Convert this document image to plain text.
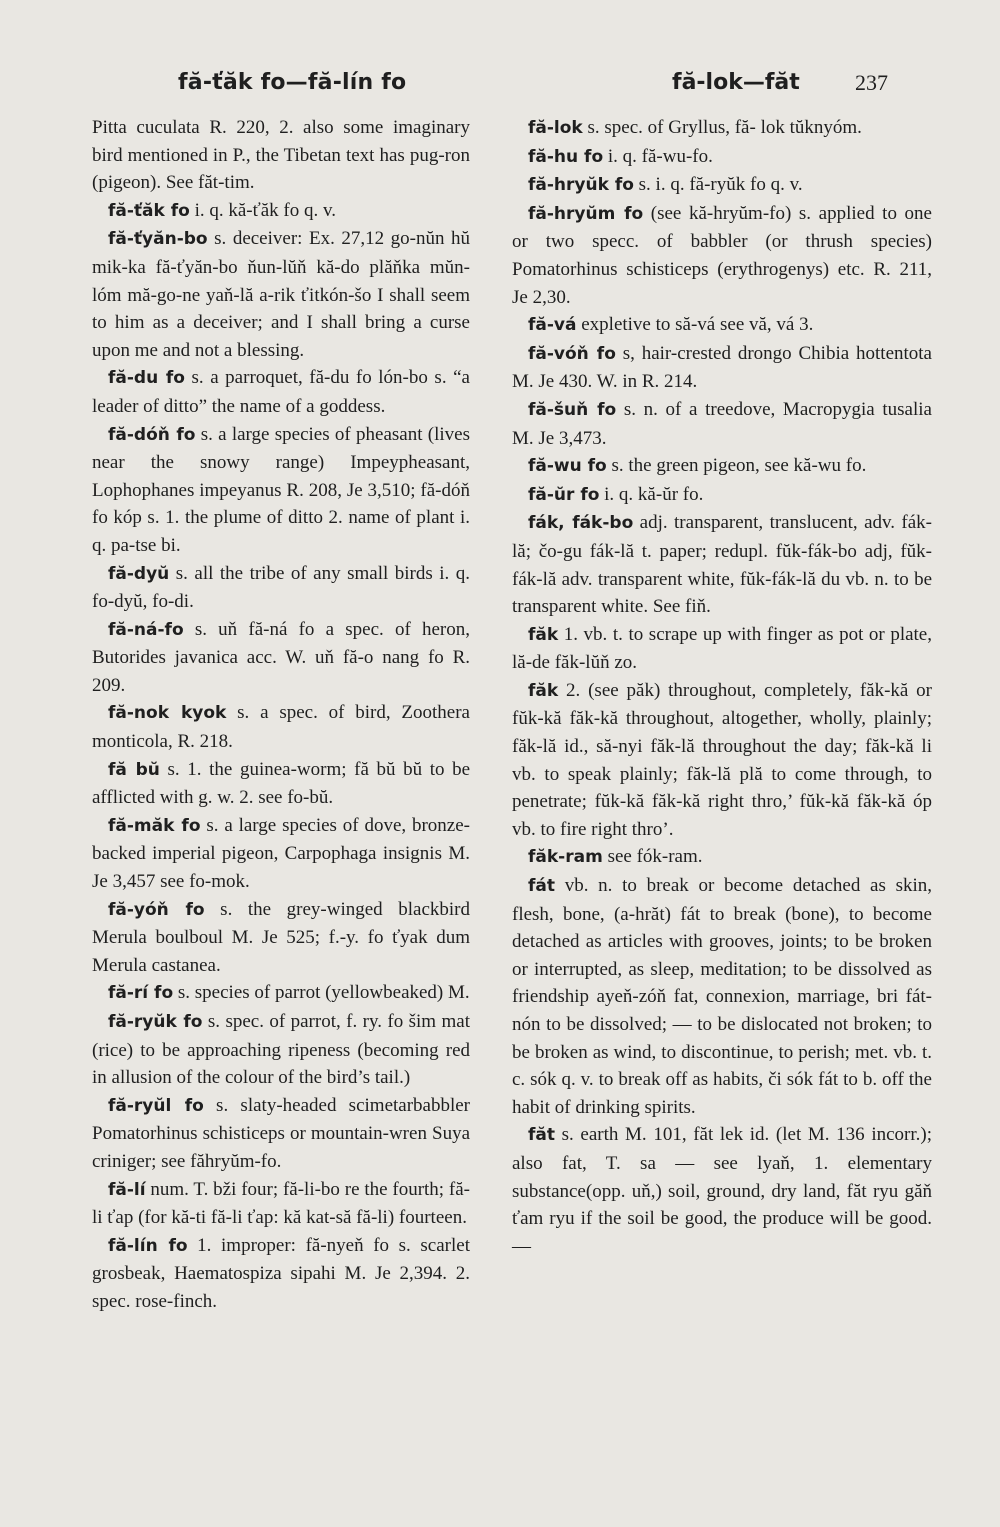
fă-ťăk fo—fă-lín fo	fă-lok—făt	237

Pitta cuculata R. 220, 2. also some imaginary bird mentioned in P., the Tibetan text has pug-ron (pigeon). See făt-tim.

fă-ťăk fo i. q. kă-ťăk fo q. v.

fă-ťyăn-bo s. deceiver: Ex. 27,12 go-nŭn hŭ mik-ka fă-ťyăn-bo ňun-lŭň kă-do plăňka mŭn-lóm mă-go-ne yaň-lă a-rik ťitkón-šo I shall seem to him as a deceiver; and I shall bring a curse upon me and not a blessing.

fă-du fo s. a parroquet, fă-du fo lón-bo s. “a leader of ditto” the name of a goddess.

fă-dóň fo s. a large species of pheasant (lives near the snowy range) Impeypheasant, Lophophanes impeyanus R. 208, Je 3,510; fă-dóň fo kóp s. 1. the plume of ditto 2. name of plant i. q. pa-tse bi.

fă-dyŭ s. all the tribe of any small birds i. q. fo-dyŭ, fo-di.

fă-ná-fo s. uň fă-ná fo a spec. of heron, Butorides javanica acc. W. uň fă-o nang fo R. 209.

fă-nok kyok s. a spec. of bird, Zoothera monticola, R. 218.

fă bŭ s. 1. the guinea-worm; fă bŭ bŭ to be afflicted with g. w. 2. see fo-bŭ.

fă-măk fo s. a large species of dove, bronze-backed imperial pigeon, Carpophaga insignis M. Je 3,457 see fo-mok.

fă-yóň fo s. the grey-winged blackbird Merula boulboul M. Je 525; f.-y. fo ťyak dum Merula castanea.

fă-rí fo s. species of parrot (yellowbeaked) M.

fă-ryŭk fo s. spec. of parrot, f. ry. fo šim mat (rice) to be approaching ripeness (becoming red in allusion of the colour of the bird’s tail.)

fă-ryŭl fo s. slaty-headed scimetarbabbler Pomatorhinus schisticeps or mountain-wren Suya criniger; see făhryŭm-fo.

fă-lí num. T. bži four; fă-li-bo re the fourth; fă-li ťap (for kă-ti fă-li ťap: kă kat-să fă-li) fourteen.

fă-lín fo 1. improper: fă-nyeň fo s. scarlet grosbeak, Haematospiza sipahi M. Je 2,394. 2. spec. rose-finch.

fă-lok s. spec. of Gryllus, fă- lok tŭknyóm.

fă-hu fo i. q. fă-wu-fo.

fă-hryŭk fo s. i. q. fă-ryŭk fo q. v.

fă-hryŭm fo (see kă-hryŭm-fo) s. applied to one or two specc. of babbler (or thrush species) Pomatorhinus schisticeps (erythrogenys) etc. R. 211, Je 2,30.

fă-vá expletive to să-vá see vă, vá 3.

fă-vóň fo s, hair-crested drongo Chibia hottentota M. Je 430. W. in R. 214.

fă-šuň fo s. n. of a treedove, Macropygia tusalia M. Je 3,473.

fă-wu fo s. the green pigeon, see kă-wu fo.

fă-ŭr fo i. q. kă-ŭr fo.

fák, fák-bo adj. transparent, translucent, adv. fák-lă; čo-gu fák-lă t. paper; redupl. fŭk-fák-bo adj, fŭk-fák-lă adv. transparent white, fŭk-fák-lă du vb. n. to be transparent white. See fiň.

făk 1. vb. t. to scrape up with finger as pot or plate, lă-de făk-lŭň zo.

făk 2. (see păk) throughout, completely, făk-kă or fŭk-kă făk-kă throughout, altogether, wholly, plainly; făk-lă id., să-nyi făk-lă throughout the day; făk-kă li vb. to speak plainly; făk-lă plă to come through, to penetrate; fŭk-kă făk-kă right thro,’ fŭk-kă făk-kă óp vb. to fire right thro’.

făk-ram see fók-ram.

fát vb. n. to break or become detached as skin, flesh, bone, (a-hrăt) fát to break (bone), to become detached as articles with grooves, joints; to be broken or interrupted, as sleep, meditation; to be dissolved as friendship ayeň-zóň fat, connexion, marriage, bri fát-nón to be dissolved; — to be dislocated not broken; to be broken as wind, to discontinue, to perish; met. vb. t. c. sók q. v. to break off as habits, či sók fát to b. off the habit of drinking spirits.

făt s. earth M. 101, făt lek id. (let M. 136 incorr.); also fat, T. sa — see lyaň, 1. elementary substance(opp. uň,) soil, ground, dry land, făt ryu găň ťam ryu if the soil be good, the produce will be good. —
